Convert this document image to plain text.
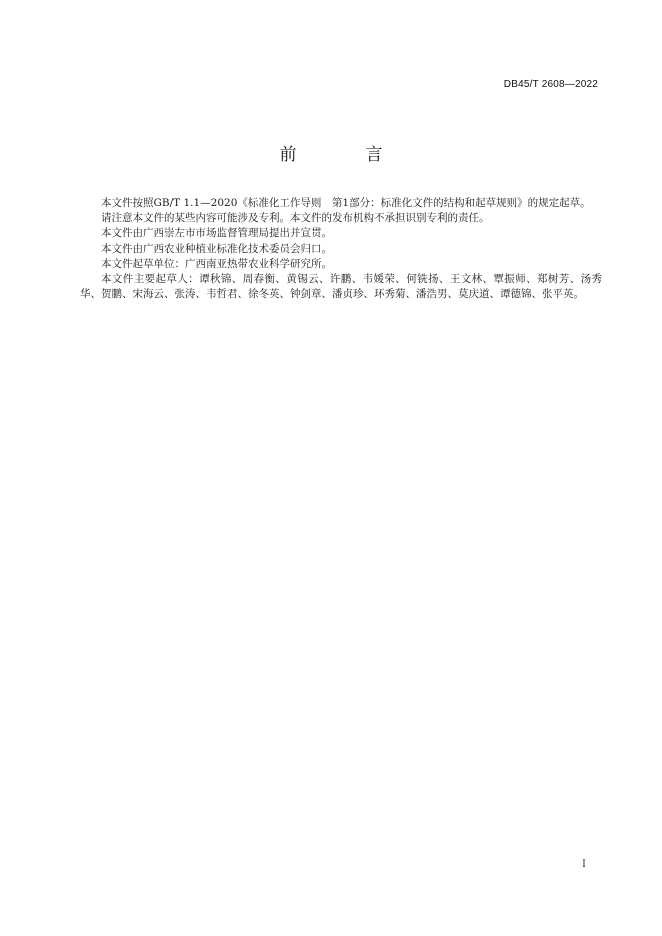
DB45/T 2608—2022
前　言

本文件按照GB/T 1.1—2020《标准化工作导则　第1部分：标准化文件的结构和起草规则》的规定起草。

请注意本文件的某些内容可能涉及专利。本文件的发布机构不承担识别专利的责任。

本文件由广西崇左市市场监督管理局提出并宣贯。

本文件由广西农业种植业标准化技术委员会归口。

本文件起草单位：广西南亚热带农业科学研究所。

本文件主要起草人：谭秋锦、周春衡、黄锡云、许鹏、韦媛荣、何铣扬、王文林、覃振师、郑树芳、汤秀华、贺鹏、宋海云、张涛、韦哲君、徐冬英、钟剑章、潘贞珍、环秀菊、潘浩男、莫庆道、谭德锦、张平英。

I
